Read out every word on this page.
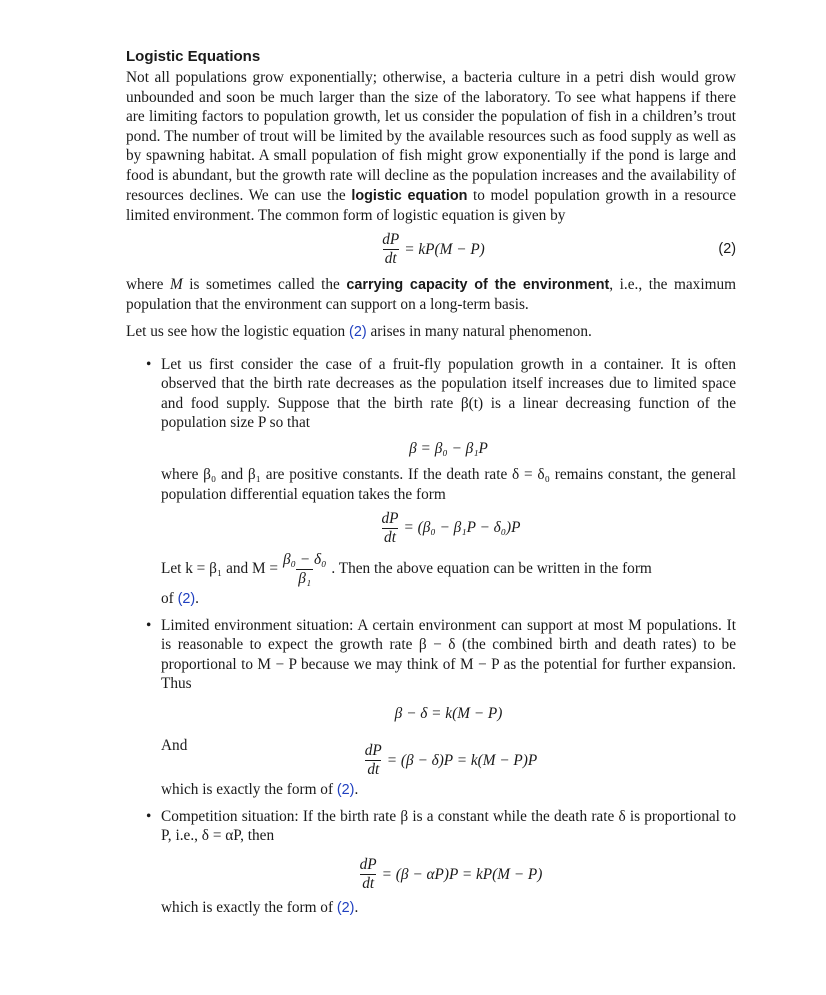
Logistic Equations

Not all populations grow exponentially; otherwise, a bacteria culture in a petri dish would grow unbounded and soon be much larger than the size of the laboratory. To see what happens if there are limiting factors to population growth, let us consider the population of fish in a children’s trout pond. The number of trout will be limited by the available resources such as food supply as well as by spawning habitat. A small population of fish might grow exponentially if the pond is large and food is abundant, but the growth rate will decline as the population increases and the availability of resources declines. We can use the logistic equation to model population growth in a resource limited environment. The common form of logistic equation is given by

$\frac{dP}{dt} = kP(M - P)$	(2)

where M is sometimes called the carrying capacity of the environment, i.e., the maximum population that the environment can support on a long-term basis.

Let us see how the logistic equation (2) arises in many natural phenomenon.

• Let us first consider the case of a fruit-fly population growth in a container. It is often observed that the birth rate decreases as the population itself increases due to limited space and food supply. Suppose that the birth rate β(t) is a linear decreasing function of the population size P so that

β = β₀ − β₁P

where β₀ and β₁ are positive constants. If the death rate δ = δ₀ remains constant, the general population differential equation takes the form

$\frac{dP}{dt} = (\beta_0 - \beta_1P - \delta_0)P$
Let k = β₁ and $M = \frac{\text{β₀ − δ₀}}{\text{β₁}}$ . Then the above equation can be written in the form

of (2).

• Limited environment situation: A certain environment can support at most M populations. It is reasonable to expect the growth rate β − δ (the combined birth and death rates) to be proportional to M − P because we may think of M − P as the potential for further expansion. Thus

β − δ = k(M − P)
And	$\frac{dP}{dt} = (\beta - \delta)P = k(M - P)P$

which is exactly the form of (2).

• Competition situation: If the birth rate β is a constant while the death rate δ is proportional to P, i.e., δ = αP, then

$\frac{dP}{dt} = (\beta - \alpha P)P = kP(M - P)$

which is exactly the form of (2).
